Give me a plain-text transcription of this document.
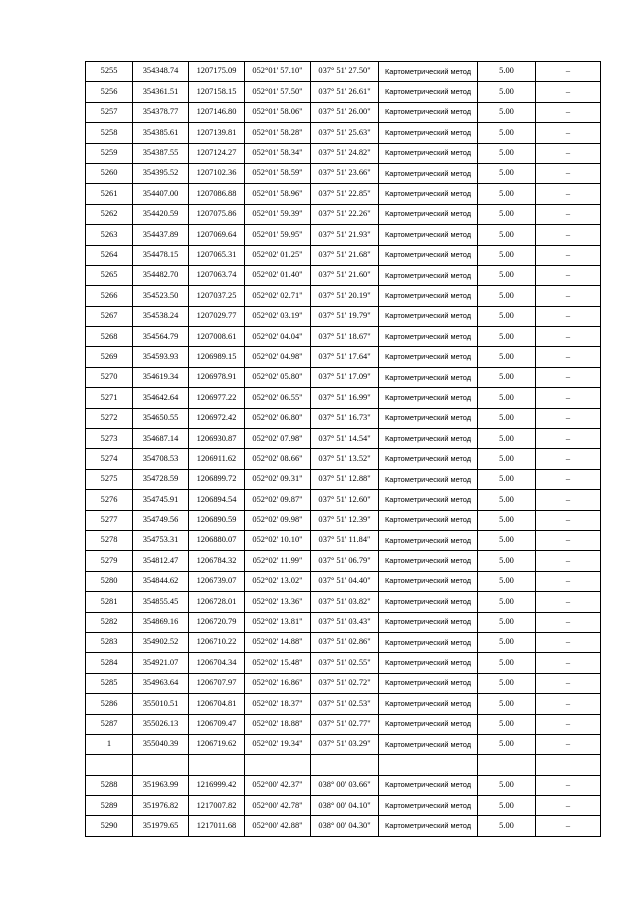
5255	354348.74	1207175.09	052°01' 57.10"	037° 51' 27.50"	Картометрический метод	5.00	–
5256	354361.51	1207158.15	052°01' 57.50"	037° 51' 26.61"	Картометрический метод	5.00	–
5257	354378.77	1207146.80	052°01' 58.06"	037° 51' 26.00"	Картометрический метод	5.00	–
5258	354385.61	1207139.81	052°01' 58.28"	037° 51' 25.63"	Картометрический метод	5.00	–
5259	354387.55	1207124.27	052°01' 58.34"	037° 51' 24.82"	Картометрический метод	5.00	–
5260	354395.52	1207102.36	052°01' 58.59"	037° 51' 23.66"	Картометрический метод	5.00	–
5261	354407.00	1207086.88	052°01' 58.96"	037° 51' 22.85"	Картометрический метод	5.00	–
5262	354420.59	1207075.86	052°01' 59.39"	037° 51' 22.26"	Картометрический метод	5.00	–
5263	354437.89	1207069.64	052°01' 59.95"	037° 51' 21.93"	Картометрический метод	5.00	–
5264	354478.15	1207065.31	052°02' 01.25"	037° 51' 21.68"	Картометрический метод	5.00	–
5265	354482.70	1207063.74	052°02' 01.40"	037° 51' 21.60"	Картометрический метод	5.00	–
5266	354523.50	1207037.25	052°02' 02.71"	037° 51' 20.19"	Картометрический метод	5.00	–
5267	354538.24	1207029.77	052°02' 03.19"	037° 51' 19.79"	Картометрический метод	5.00	–
5268	354564.79	1207008.61	052°02' 04.04"	037° 51' 18.67"	Картометрический метод	5.00	–
5269	354593.93	1206989.15	052°02' 04.98"	037° 51' 17.64"	Картометрический метод	5.00	–
5270	354619.34	1206978.91	052°02' 05.80"	037° 51' 17.09"	Картометрический метод	5.00	–
5271	354642.64	1206977.22	052°02' 06.55"	037° 51' 16.99"	Картометрический метод	5.00	–
5272	354650.55	1206972.42	052°02' 06.80"	037° 51' 16.73"	Картометрический метод	5.00	–
5273	354687.14	1206930.87	052°02' 07.98"	037° 51' 14.54"	Картометрический метод	5.00	–
5274	354708.53	1206911.62	052°02' 08.66"	037° 51' 13.52"	Картометрический метод	5.00	–
5275	354728.59	1206899.72	052°02' 09.31"	037° 51' 12.88"	Картометрический метод	5.00	–
5276	354745.91	1206894.54	052°02' 09.87"	037° 51' 12.60"	Картометрический метод	5.00	–
5277	354749.56	1206890.59	052°02' 09.98"	037° 51' 12.39"	Картометрический метод	5.00	–
5278	354753.31	1206880.07	052°02' 10.10"	037° 51' 11.84"	Картометрический метод	5.00	–
5279	354812.47	1206784.32	052°02' 11.99"	037° 51' 06.79"	Картометрический метод	5.00	–
5280	354844.62	1206739.07	052°02' 13.02"	037° 51' 04.40"	Картометрический метод	5.00	–
5281	354855.45	1206728.01	052°02' 13.36"	037° 51' 03.82"	Картометрический метод	5.00	–
5282	354869.16	1206720.79	052°02' 13.81"	037° 51' 03.43"	Картометрический метод	5.00	–
5283	354902.52	1206710.22	052°02' 14.88"	037° 51' 02.86"	Картометрический метод	5.00	–
5284	354921.07	1206704.34	052°02' 15.48"	037° 51' 02.55"	Картометрический метод	5.00	–
5285	354963.64	1206707.97	052°02' 16.86"	037° 51' 02.72"	Картометрический метод	5.00	–
5286	355010.51	1206704.81	052°02' 18.37"	037° 51' 02.53"	Картометрический метод	5.00	–
5287	355026.13	1206709.47	052°02' 18.88"	037° 51' 02.77"	Картометрический метод	5.00	–
1	355040.39	1206719.62	052°02' 19.34"	037° 51' 03.29"	Картометрический метод	5.00	–

5288	351963.99	1216999.42	052°00' 42.37"	038° 00' 03.66"	Картометрический метод	5.00	–
5289	351976.82	1217007.82	052°00' 42.78"	038° 00' 04.10"	Картометрический метод	5.00	–
5290	351979.65	1217011.68	052°00' 42.88"	038° 00' 04.30"	Картометрический метод	5.00	–
